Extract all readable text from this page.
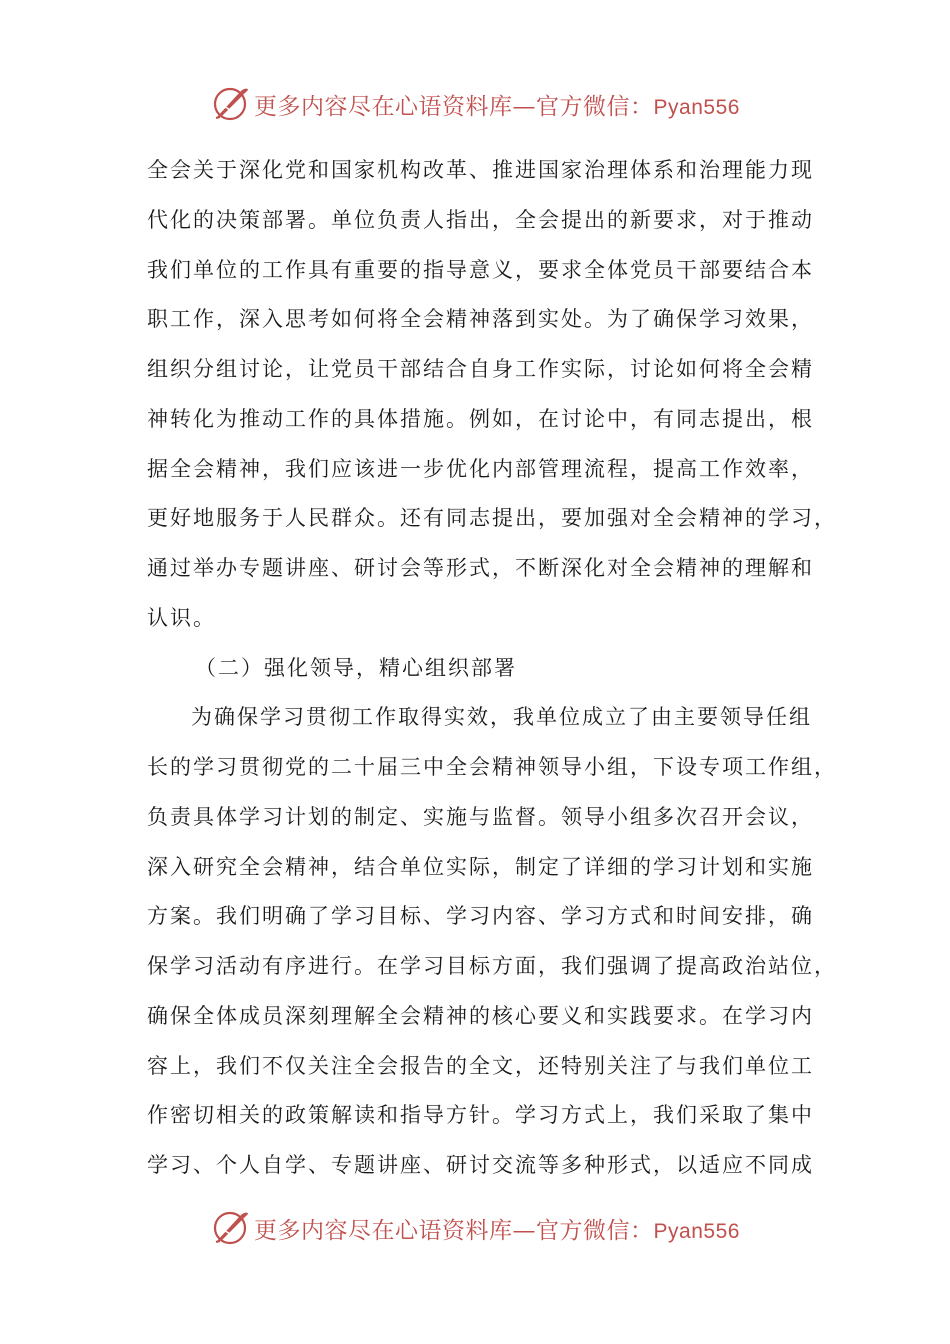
更多内容尽在心语资料库—官方微信：Pyan556
全会关于深化党和国家机构改革、推进国家治理体系和治理能力现
代化的决策部署。单位负责人指出，全会提出的新要求，对于推动
我们单位的工作具有重要的指导意义，要求全体党员干部要结合本
职工作，深入思考如何将全会精神落到实处。为了确保学习效果，
组织分组讨论，让党员干部结合自身工作实际，讨论如何将全会精
神转化为推动工作的具体措施。例如，在讨论中，有同志提出，根
据全会精神，我们应该进一步优化内部管理流程，提高工作效率，
更好地服务于人民群众。还有同志提出，要加强对全会精神的学习，
通过举办专题讲座、研讨会等形式，不断深化对全会精神的理解和
认识。
（二）强化领导，精心组织部署
为确保学习贯彻工作取得实效，我单位成立了由主要领导任组
长的学习贯彻党的二十届三中全会精神领导小组，下设专项工作组，
负责具体学习计划的制定、实施与监督。领导小组多次召开会议，
深入研究全会精神，结合单位实际，制定了详细的学习计划和实施
方案。我们明确了学习目标、学习内容、学习方式和时间安排，确
保学习活动有序进行。在学习目标方面，我们强调了提高政治站位，
确保全体成员深刻理解全会精神的核心要义和实践要求。在学习内
容上，我们不仅关注全会报告的全文，还特别关注了与我们单位工
作密切相关的政策解读和指导方针。学习方式上，我们采取了集中
学习、个人自学、专题讲座、研讨交流等多种形式，以适应不同成
更多内容尽在心语资料库—官方微信：Pyan556
